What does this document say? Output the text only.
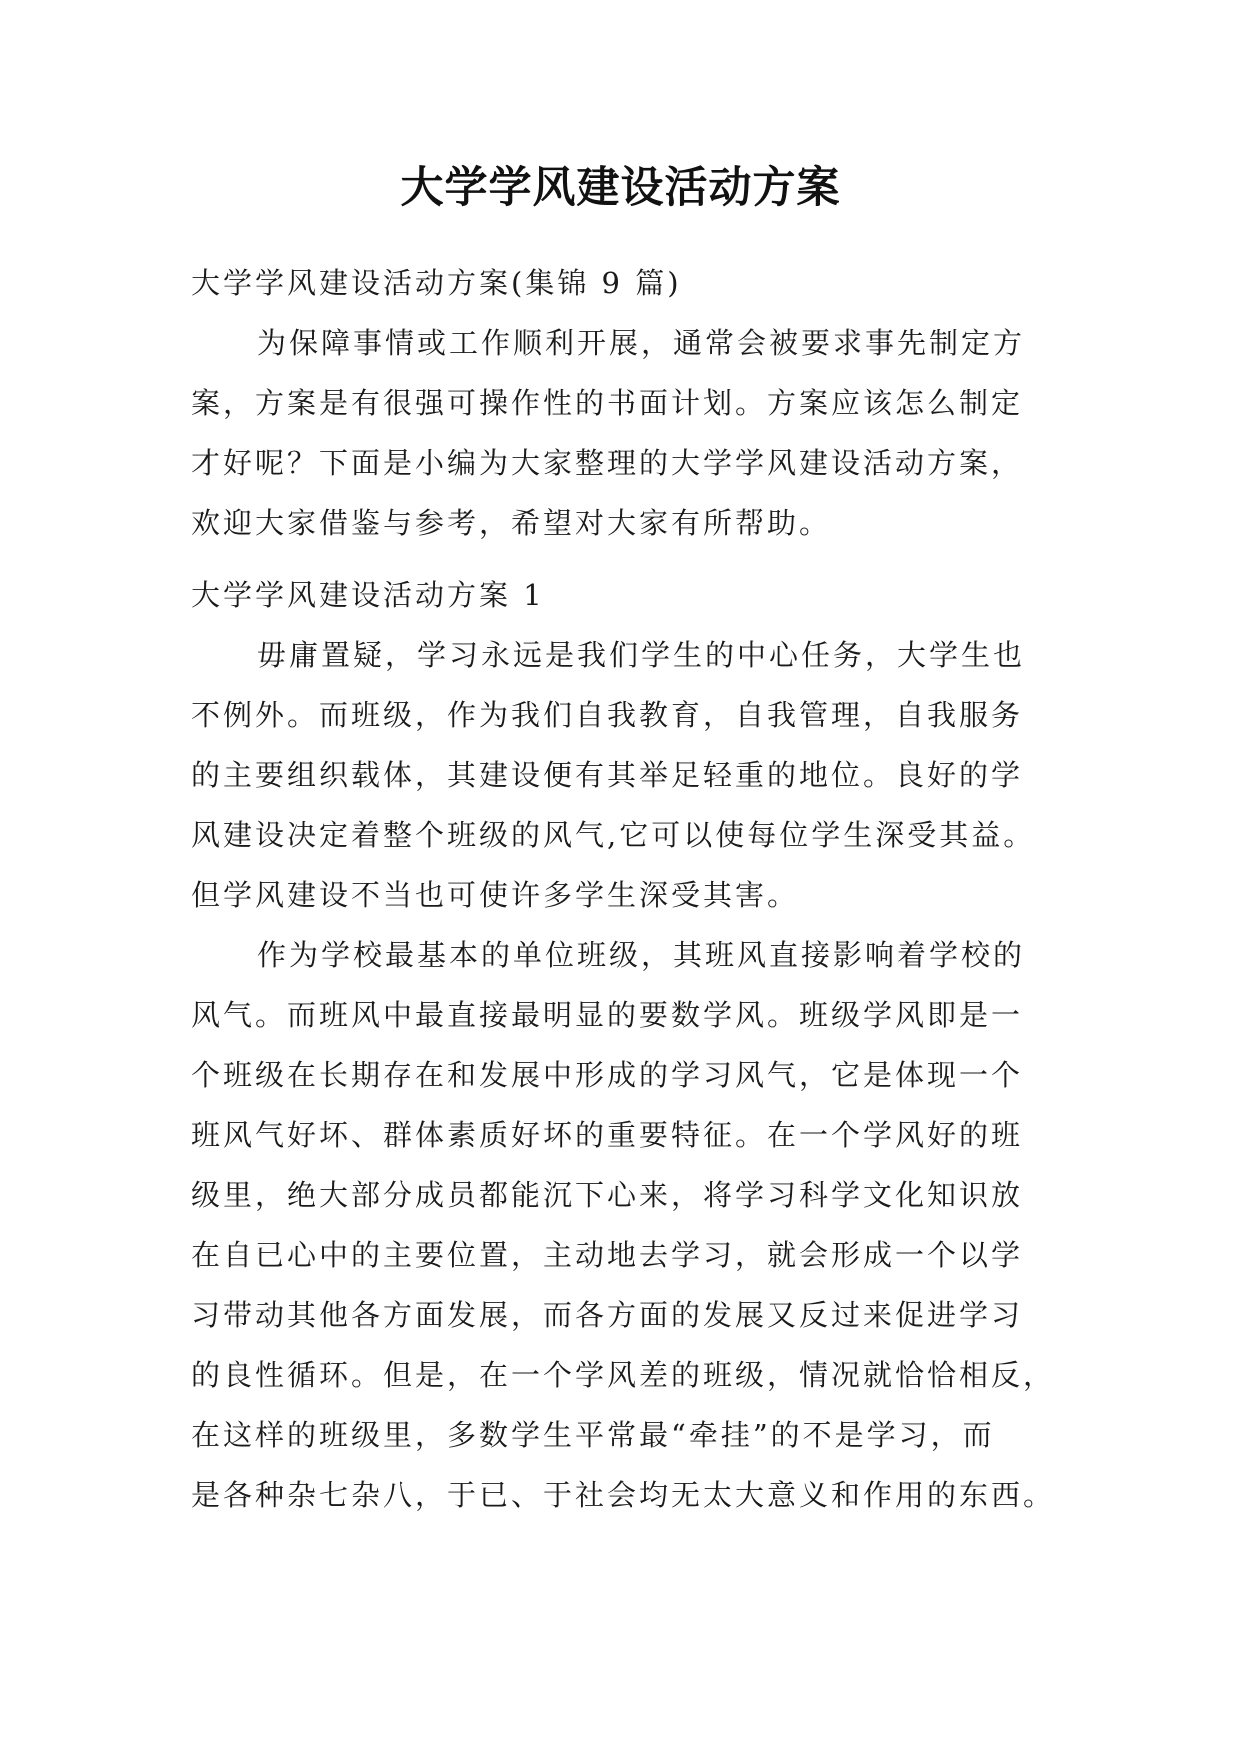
大学学风建设活动方案
大学学风建设活动方案(集锦 9 篇)
为保障事情或工作顺利开展，通常会被要求事先制定方
案，方案是有很强可操作性的书面计划。方案应该怎么制定
才好呢？下面是小编为大家整理的大学学风建设活动方案，
欢迎大家借鉴与参考，希望对大家有所帮助。
大学学风建设活动方案 1
毋庸置疑，学习永远是我们学生的中心任务，大学生也
不例外。而班级，作为我们自我教育，自我管理，自我服务
的主要组织载体，其建设便有其举足轻重的地位。良好的学
风建设决定着整个班级的风气,它可以使每位学生深受其益。
但学风建设不当也可使许多学生深受其害。
作为学校最基本的单位班级，其班风直接影响着学校的
风气。而班风中最直接最明显的要数学风。班级学风即是一
个班级在长期存在和发展中形成的学习风气，它是体现一个
班风气好坏、群体素质好坏的重要特征。在一个学风好的班
级里，绝大部分成员都能沉下心来，将学习科学文化知识放
在自已心中的主要位置，主动地去学习，就会形成一个以学
习带动其他各方面发展，而各方面的发展又反过来促进学习
的良性循环。但是，在一个学风差的班级，情况就恰恰相反，
在这样的班级里，多数学生平常最“牵挂”的不是学习，而
是各种杂七杂八，于已、于社会均无太大意义和作用的东西。
